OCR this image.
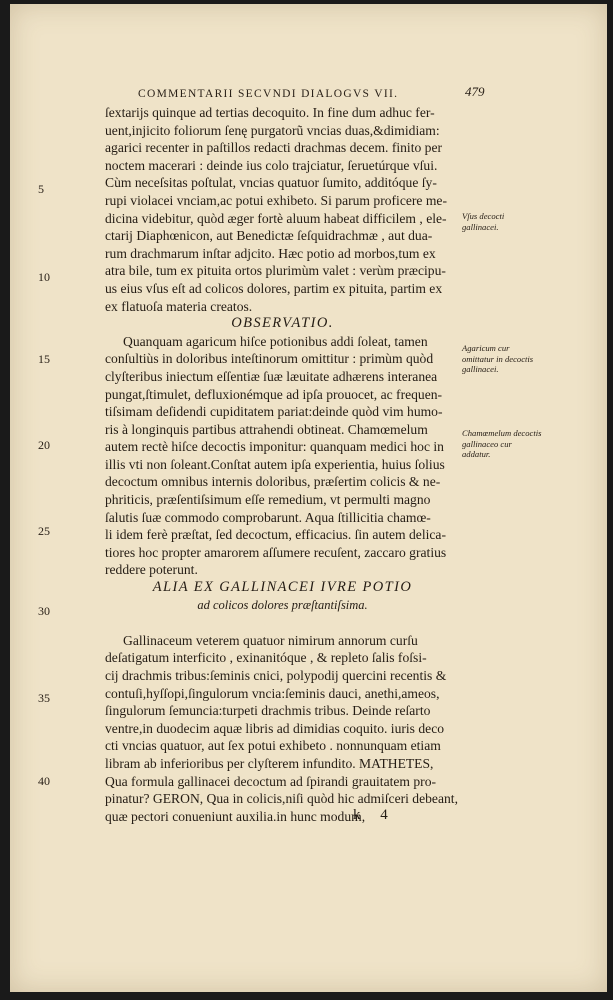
COMMENTARII SECVNDI DIALOGVS VII.	479
ſextarijs quinque ad tertias decoquito. In fine dum adhuc fer-
uent,injicito foliorum ſenę purgatorũ vncias duas,&dimidiam:
agarici recenter in paſtillos redacti drachmas decem. finito per
noctem macerari : deinde ius colo trajciatur, ſeruetúrque vſui.
Cùm neceſsitas poſtulat, vncias quatuor ſumito, additóque ſy-
rupi violacei vnciam,ac potui exhibeto. Si parum proficere me-
dicina videbitur, quòd æger fortè aluum habeat difficilem , ele-
ctarij Diaphœnicon, aut Benedictæ ſeſquidrachmæ , aut dua-
rum drachmarum inſtar adjcito. Hæc potio ad morbos,tum ex
atra bile, tum ex pituita ortos plurimùm valet : verùm præcipu-
us eius vſus eſt ad colicos dolores, partim ex pituita, partim ex
ex flatuoſa materia creatos.
OBSERVATIO.
Quanquam agaricum hiſce potionibus addi ſoleat, tamen
conſultiùs in doloribus inteſtinorum omittitur : primùm quòd
clyſteribus iniectum eſſentiæ ſuæ læuitate adhærens interanea
pungat,ſtimulet, defluxionémque ad ipſa prouocet, ac frequen-
tiſsimam deſidendi cupiditatem pariat:deinde quòd vim humo-
ris à longinquis partibus attrahendi obtineat. Chamœmelum
autem rectè hiſce decoctis imponitur: quanquam medici hoc in
illis vti non ſoleant.Conſtat autem ipſa experientia, huius ſolius
decoctum omnibus internis doloribus, præſertim colicis & ne-
phriticis, præſentiſsimum eſſe remedium, vt permulti magno
ſalutis ſuæ commodo comprobarunt. Aqua ſtillicitia chamœ-
li idem ferè præſtat, ſed decoctum, efficacius. ſin autem delica-
tiores hoc propter amarorem aſſumere recuſent, zaccaro gratius
reddere poterunt.
ALIA EX GALLINACEI IVRE POTIO
ad colicos dolores præſtantiſsima.
Gallinaceum veterem quatuor nimirum annorum curſu
deſatigatum interficito , exinanitóque , & repleto ſalis foſsi-
cij drachmis tribus:ſeminis cnici, polypodij quercini recentis &
contuſi,hyſſopi,ſingulorum vncia:ſeminis dauci, anethi,ameos,
ſingulorum ſemuncia:turpeti drachmis tribus. Deinde reſarto
ventre,in duodecim aquæ libris ad dimidias coquito. iuris deco
cti vncias quatuor, aut ſex potui exhibeto . nonnunquam etiam
libram ab inferioribus per clyſterem infundito. MATHETES,
Qua formula gallinacei decoctum ad ſpirandi grauitatem pro-
pinatur? GERON, Qua in colicis,niſi quòd hic admiſceri debeant,
quæ pectori conueniunt auxilia.in hunc modum,
5
10
15
20
25
30
35
40
Vſus decocti gallinacei.
Agaricum cur omittatur in decoctis gallinacei.
Chamœmelum decoctis gallinaceo cur addatur.
k 4
